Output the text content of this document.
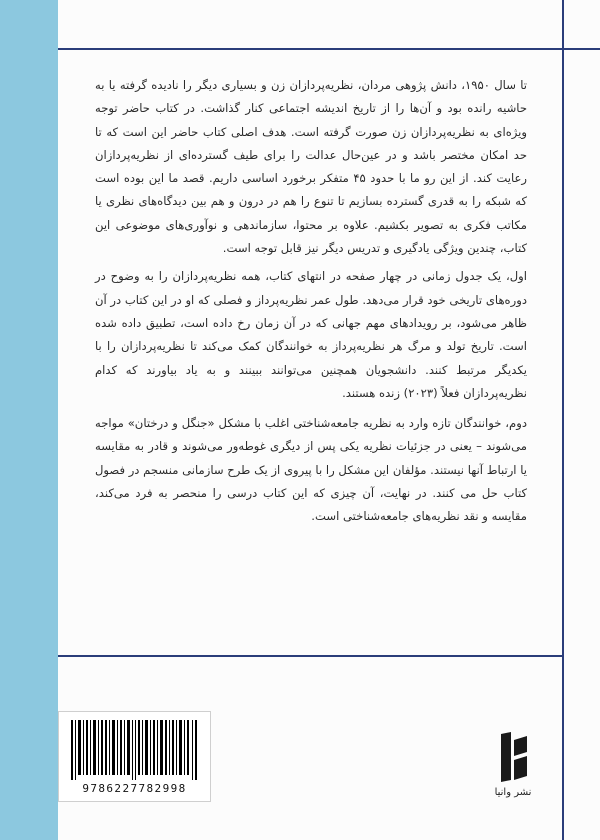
تا سال ۱۹۵۰، دانش پژوهی مردان، نظریه‌پردازان زن و بسیاری دیگر را نادیده گرفته یا به حاشیه رانده بود و آن‌ها را از تاریخ اندیشه اجتماعی کنار گذاشت. در کتاب حاضر توجه ویژه‌ای به نظریه‌پردازان زن صورت گرفته است. هدف اصلی کتاب حاضر این است که تا حد امکان مختصر باشد و در عین‌حال عدالت را برای طیف گسترده‌ای از نظریه‌پردازان رعایت کند. از این رو ما با حدود ۴۵ متفکر برخورد اساسی داریم. قصد ما این بوده است که شبکه را به قدری گسترده بسازیم تا تنوع را هم در درون و هم بین دیدگاه‌های نظری یا مکاتب فکری به تصویر بکشیم. علاوه بر محتوا، سازماندهی و نوآوری‌های موضوعی این کتاب، چندین ویژگی یادگیری و تدریس دیگر نیز قابل توجه است.

اول، یک جدول زمانی در چهار صفحه در انتهای کتاب، همه نظریه‌پردازان را به وضوح در دوره‌های تاریخی خود قرار می‌دهد. طول عمر نظریه‌پرداز و فصلی که او در این کتاب در آن ظاهر می‌شود، بر رویدادهای مهم جهانی که در آن زمان رخ داده است، تطبیق داده شده است. تاریخ تولد و مرگ هر نظریه‌پرداز به خوانندگان کمک می‌کند تا نظریه‌پردازان را با یکدیگر مرتبط کنند. دانشجویان همچنین می‌توانند ببینند و به یاد بیاورند که کدام نظریه‌پردازان فعلاً (۲۰۲۳) زنده هستند.

دوم، خوانندگان تازه وارد به نظریه جامعه‌شناختی اغلب با مشکل «جنگل و درختان» مواجه می‌شوند – یعنی در جزئیات نظریه یکی پس از دیگری غوطه‌ور می‌شوند و قادر به مقایسه یا ارتباط آنها نیستند. مؤلفان این مشکل را با پیروی از یک طرح سازمانی منسجم در فصول کتاب حل می‌ کنند. در نهایت، آن چیزی که این کتاب درسی را منحصر به فرد می‌کند، مقایسه و نقد نظریه‌های جامعه‌شناختی است.

9786227782998	نشر وانیا
